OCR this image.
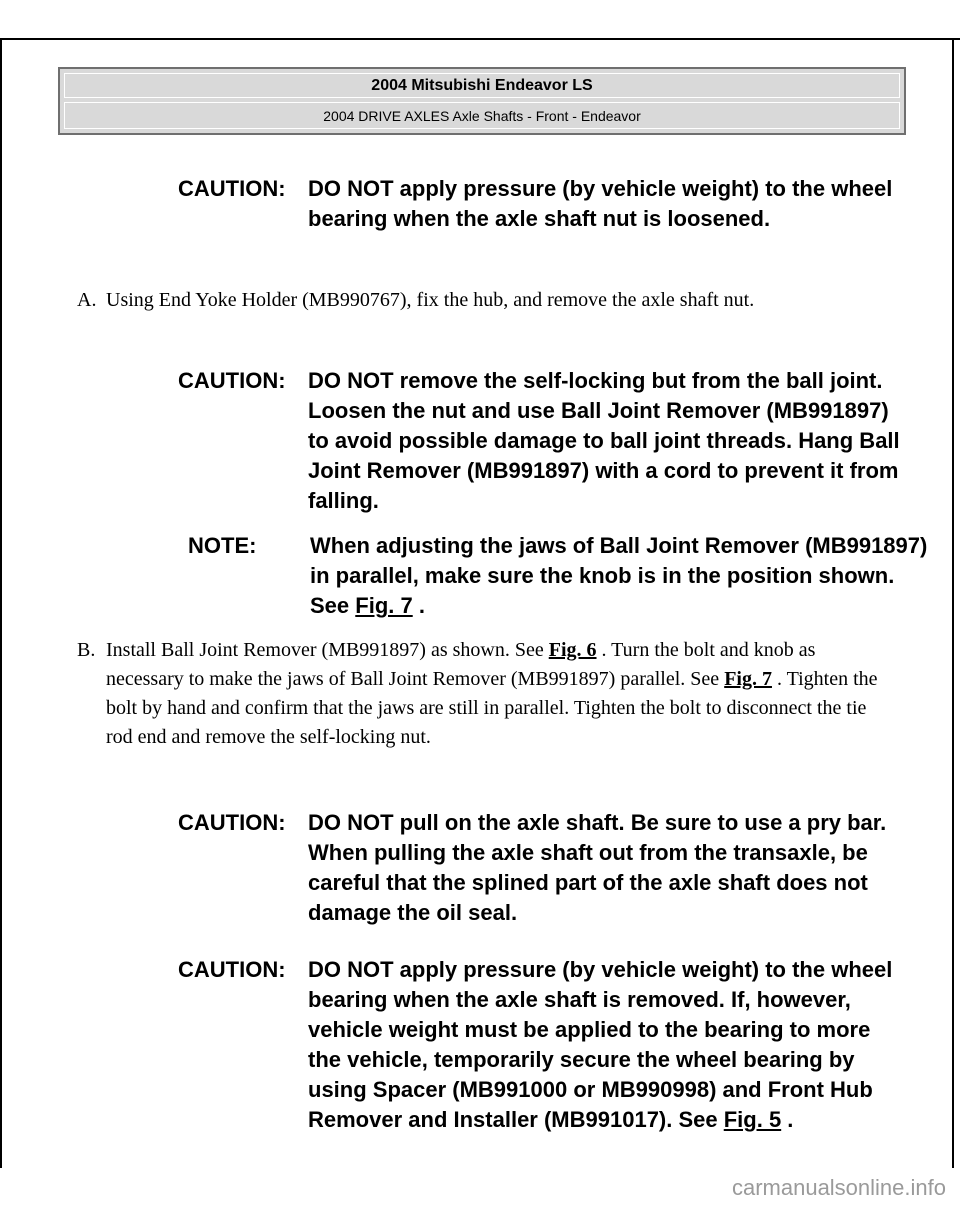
2004 Mitsubishi Endeavor LS
2004 DRIVE AXLES Axle Shafts - Front - Endeavor
CAUTION:	DO NOT apply pressure (by vehicle weight) to the wheel bearing when the axle shaft nut is loosened.
A. Using End Yoke Holder (MB990767), fix the hub, and remove the axle shaft nut.
CAUTION:	DO NOT remove the self-locking but from the ball joint. Loosen the nut and use Ball Joint Remover (MB991897) to avoid possible damage to ball joint threads. Hang Ball Joint Remover (MB991897) with a cord to prevent it from falling.
NOTE:	When adjusting the jaws of Ball Joint Remover (MB991897) in parallel, make sure the knob is in the position shown. See Fig. 7 .
B. Install Ball Joint Remover (MB991897) as shown. See Fig. 6 . Turn the bolt and knob as necessary to make the jaws of Ball Joint Remover (MB991897) parallel. See Fig. 7 . Tighten the bolt by hand and confirm that the jaws are still in parallel. Tighten the bolt to disconnect the tie rod end and remove the self-locking nut.
CAUTION:	DO NOT pull on the axle shaft. Be sure to use a pry bar. When pulling the axle shaft out from the transaxle, be careful that the splined part of the axle shaft does not damage the oil seal.
CAUTION:	DO NOT apply pressure (by vehicle weight) to the wheel bearing when the axle shaft is removed. If, however, vehicle weight must be applied to the bearing to more the vehicle, temporarily secure the wheel bearing by using Spacer (MB991000 or MB990998) and Front Hub Remover and Installer (MB991017). See Fig. 5 .
carmanualsonline.info
